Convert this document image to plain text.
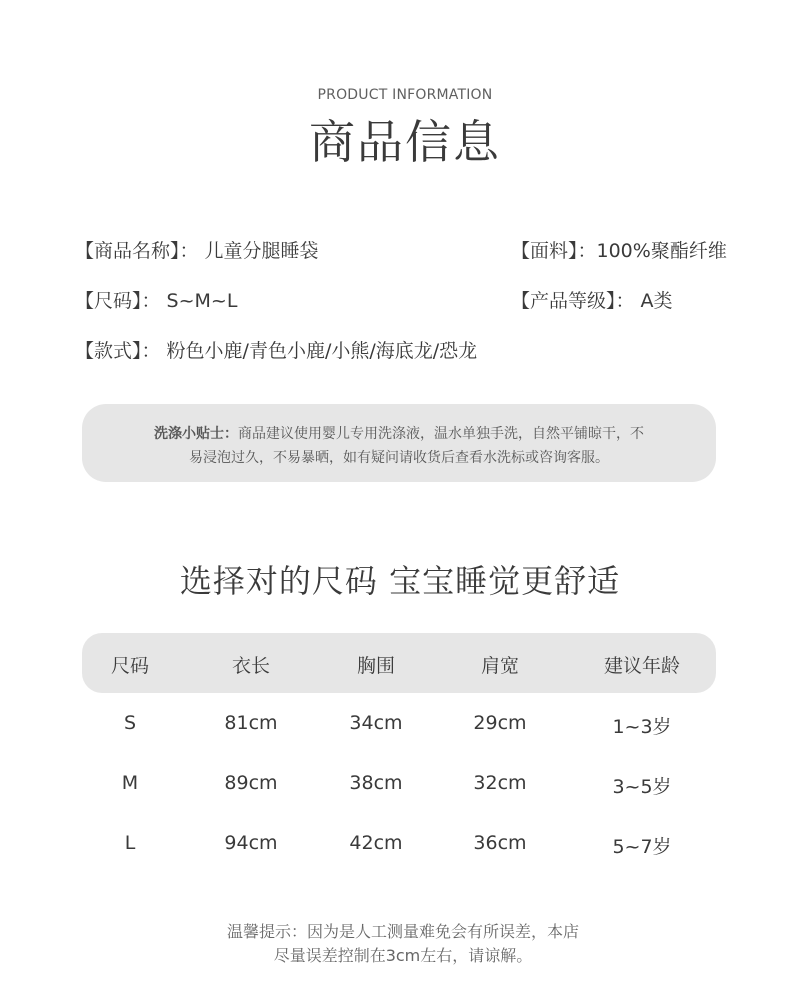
PRODUCT INFORMATION
商品信息
【商品名称】： 儿童分腿睡袋	【面料】：100%聚酯纤维
【尺码】： S~M~L	【产品等级】： A类
【款式】： 粉色小鹿/青色小鹿/小熊/海底龙/恐龙
洗涤小贴士：商品建议使用婴儿专用洗涤液，温水单独手洗，自然平铺晾干，不
易浸泡过久，不易暴晒，如有疑问请收货后查看水洗标或咨询客服。
选择对的尺码 宝宝睡觉更舒适
尺码	衣长	胸围	肩宽	建议年龄
S	81cm	34cm	29cm	1~3岁
M	89cm	38cm	32cm	3~5岁
L	94cm	42cm	36cm	5~7岁
温馨提示：因为是人工测量难免会有所误差，本店
尽量误差控制在3cm左右，请谅解。
